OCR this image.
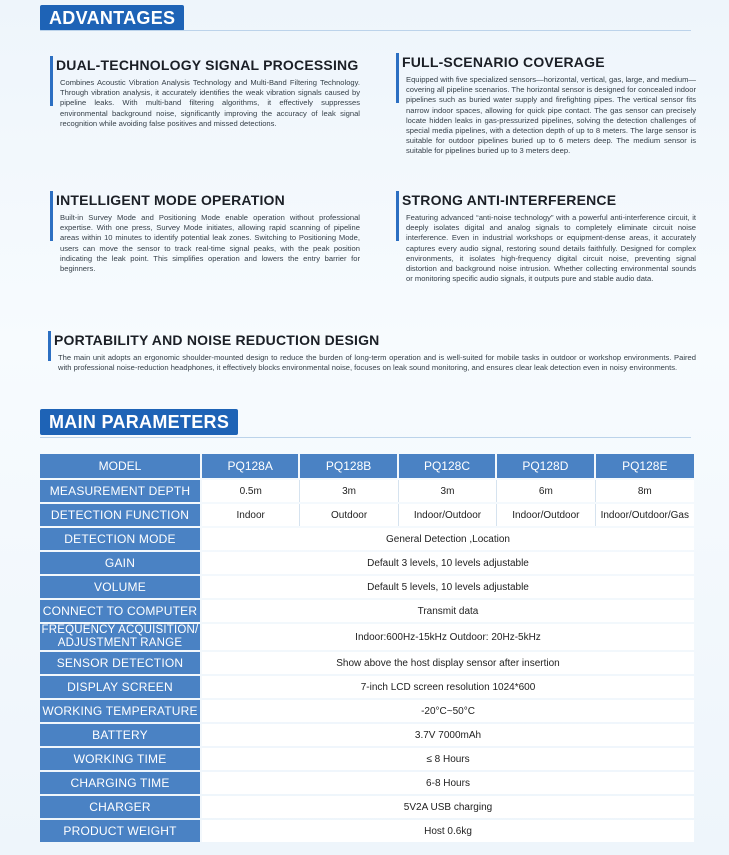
ADVANTAGES
DUAL-TECHNOLOGY SIGNAL PROCESSING
Combines Acoustic Vibration Analysis Technology and Multi-Band Filtering Technology. Through vibration analysis, it accurately identifies the weak vibration signals caused by pipeline leaks. With multi-band filtering algorithms, it effectively suppresses environmental background noise, significantly improving the accuracy of leak signal recognition while avoiding false positives and missed detections.
FULL-SCENARIO COVERAGE
Equipped with five specialized sensors—horizontal, vertical, gas, large, and medium—covering all pipeline scenarios. The horizontal sensor is designed for concealed indoor pipelines such as buried water supply and firefighting pipes. The vertical sensor fits narrow indoor spaces, allowing for quick pipe contact. The gas sensor can precisely locate hidden leaks in gas-pressurized pipelines, solving the detection challenges of special media pipelines, with a detection depth of up to 8 meters. The large sensor is suitable for outdoor pipelines buried up to 6 meters deep. The medium sensor is suitable for pipelines buried up to 3 meters deep.
INTELLIGENT MODE OPERATION
Built-in Survey Mode and Positioning Mode enable operation without professional expertise. With one press, Survey Mode initiates, allowing rapid scanning of pipeline areas within 10 minutes to identify potential leak zones. Switching to Positioning Mode, users can move the sensor to track real-time signal peaks, with the peak position indicating the leak point. This simplifies operation and lowers the entry barrier for beginners.
STRONG ANTI-INTERFERENCE
Featuring advanced “anti-noise technology” with a powerful anti-interference circuit, it deeply isolates digital and analog signals to completely eliminate circuit noise interference. Even in industrial workshops or equipment-dense areas, it accurately captures every audio signal, restoring sound details faithfully. Designed for complex environments, it isolates high-frequency digital circuit noise, preventing signal distortion and background noise intrusion. Whether collecting environmental sounds or monitoring specific audio signals, it outputs pure and stable audio data.
PORTABILITY AND NOISE REDUCTION DESIGN
The main unit adopts an ergonomic shoulder-mounted design to reduce the burden of long-term operation and is well-suited for mobile tasks in outdoor or workshop environments. Paired with professional noise-reduction headphones, it effectively blocks environmental noise, focuses on leak sound monitoring, and ensures clear leak detection even in noisy environments.
MAIN PARAMETERS
MODEL	PQ128A	PQ128B	PQ128C	PQ128D	PQ128E
MEASUREMENT DEPTH	0.5m	3m	3m	6m	8m
DETECTION FUNCTION	Indoor	Outdoor	Indoor/Outdoor	Indoor/Outdoor	Indoor/Outdoor/Gas
DETECTION MODE	General Detection ,Location				
GAIN	Default 3 levels, 10 levels adjustable				
VOLUME	Default 5 levels, 10 levels adjustable				
CONNECT TO COMPUTER	Transmit data				
FREQUENCY ACQUISITION/ ADJUSTMENT RANGE	Indoor:600Hz-15kHz Outdoor: 20Hz-5kHz				
SENSOR DETECTION	Show above the host display sensor after insertion				
DISPLAY SCREEN	7-inch LCD screen resolution 1024*600				
WORKING TEMPERATURE	-20°C~50°C				
BATTERY	3.7V 7000mAh				
WORKING TIME	≤ 8 Hours				
CHARGING TIME	6-8 Hours				
CHARGER	5V2A USB charging				
PRODUCT WEIGHT	Host 0.6kg				
